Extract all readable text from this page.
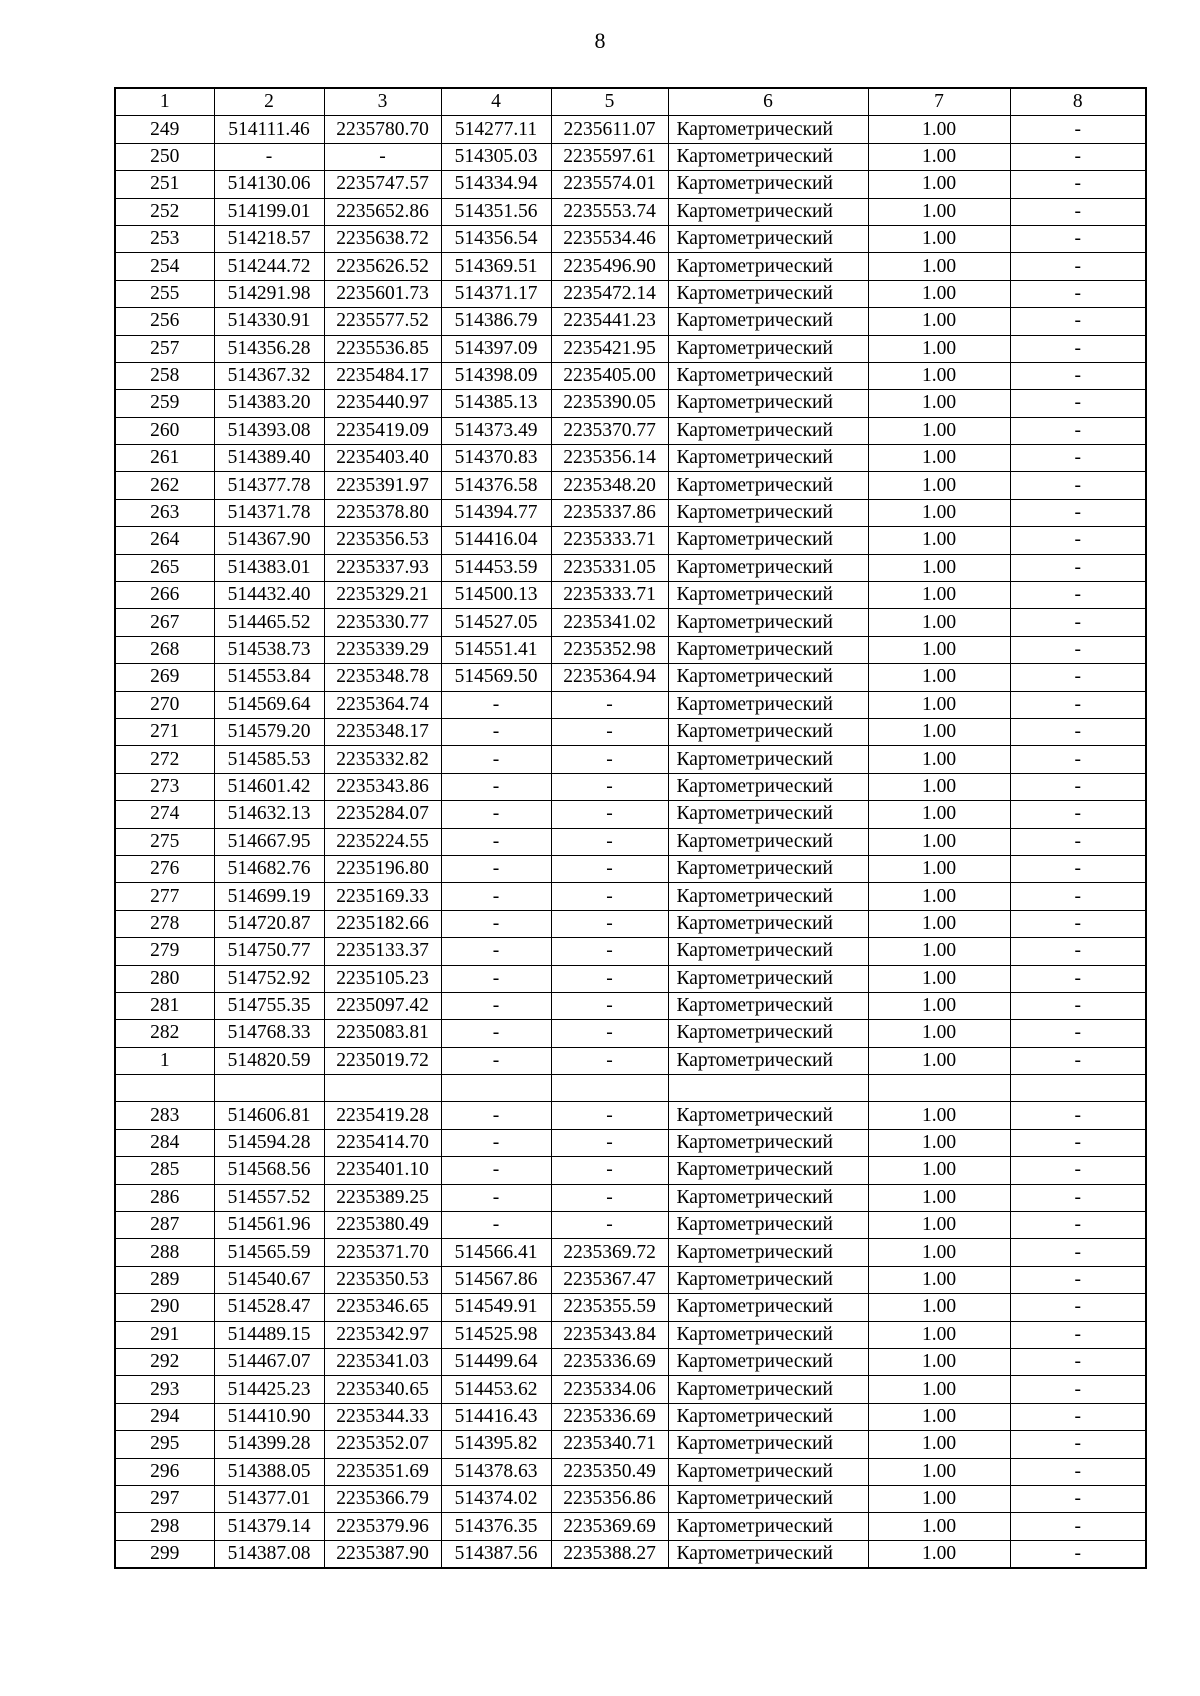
8
1	2	3	4	5	6	7	8
249	514111.46	2235780.70	514277.11	2235611.07	Картометрический	1.00	-
250	-	-	514305.03	2235597.61	Картометрический	1.00	-
251	514130.06	2235747.57	514334.94	2235574.01	Картометрический	1.00	-
252	514199.01	2235652.86	514351.56	2235553.74	Картометрический	1.00	-
253	514218.57	2235638.72	514356.54	2235534.46	Картометрический	1.00	-
254	514244.72	2235626.52	514369.51	2235496.90	Картометрический	1.00	-
255	514291.98	2235601.73	514371.17	2235472.14	Картометрический	1.00	-
256	514330.91	2235577.52	514386.79	2235441.23	Картометрический	1.00	-
257	514356.28	2235536.85	514397.09	2235421.95	Картометрический	1.00	-
258	514367.32	2235484.17	514398.09	2235405.00	Картометрический	1.00	-
259	514383.20	2235440.97	514385.13	2235390.05	Картометрический	1.00	-
260	514393.08	2235419.09	514373.49	2235370.77	Картометрический	1.00	-
261	514389.40	2235403.40	514370.83	2235356.14	Картометрический	1.00	-
262	514377.78	2235391.97	514376.58	2235348.20	Картометрический	1.00	-
263	514371.78	2235378.80	514394.77	2235337.86	Картометрический	1.00	-
264	514367.90	2235356.53	514416.04	2235333.71	Картометрический	1.00	-
265	514383.01	2235337.93	514453.59	2235331.05	Картометрический	1.00	-
266	514432.40	2235329.21	514500.13	2235333.71	Картометрический	1.00	-
267	514465.52	2235330.77	514527.05	2235341.02	Картометрический	1.00	-
268	514538.73	2235339.29	514551.41	2235352.98	Картометрический	1.00	-
269	514553.84	2235348.78	514569.50	2235364.94	Картометрический	1.00	-
270	514569.64	2235364.74	-	-	Картометрический	1.00	-
271	514579.20	2235348.17	-	-	Картометрический	1.00	-
272	514585.53	2235332.82	-	-	Картометрический	1.00	-
273	514601.42	2235343.86	-	-	Картометрический	1.00	-
274	514632.13	2235284.07	-	-	Картометрический	1.00	-
275	514667.95	2235224.55	-	-	Картометрический	1.00	-
276	514682.76	2235196.80	-	-	Картометрический	1.00	-
277	514699.19	2235169.33	-	-	Картометрический	1.00	-
278	514720.87	2235182.66	-	-	Картометрический	1.00	-
279	514750.77	2235133.37	-	-	Картометрический	1.00	-
280	514752.92	2235105.23	-	-	Картометрический	1.00	-
281	514755.35	2235097.42	-	-	Картометрический	1.00	-
282	514768.33	2235083.81	-	-	Картометрический	1.00	-
1	514820.59	2235019.72	-	-	Картометрический	1.00	-

283	514606.81	2235419.28	-	-	Картометрический	1.00	-
284	514594.28	2235414.70	-	-	Картометрический	1.00	-
285	514568.56	2235401.10	-	-	Картометрический	1.00	-
286	514557.52	2235389.25	-	-	Картометрический	1.00	-
287	514561.96	2235380.49	-	-	Картометрический	1.00	-
288	514565.59	2235371.70	514566.41	2235369.72	Картометрический	1.00	-
289	514540.67	2235350.53	514567.86	2235367.47	Картометрический	1.00	-
290	514528.47	2235346.65	514549.91	2235355.59	Картометрический	1.00	-
291	514489.15	2235342.97	514525.98	2235343.84	Картометрический	1.00	-
292	514467.07	2235341.03	514499.64	2235336.69	Картометрический	1.00	-
293	514425.23	2235340.65	514453.62	2235334.06	Картометрический	1.00	-
294	514410.90	2235344.33	514416.43	2235336.69	Картометрический	1.00	-
295	514399.28	2235352.07	514395.82	2235340.71	Картометрический	1.00	-
296	514388.05	2235351.69	514378.63	2235350.49	Картометрический	1.00	-
297	514377.01	2235366.79	514374.02	2235356.86	Картометрический	1.00	-
298	514379.14	2235379.96	514376.35	2235369.69	Картометрический	1.00	-
299	514387.08	2235387.90	514387.56	2235388.27	Картометрический	1.00	-
